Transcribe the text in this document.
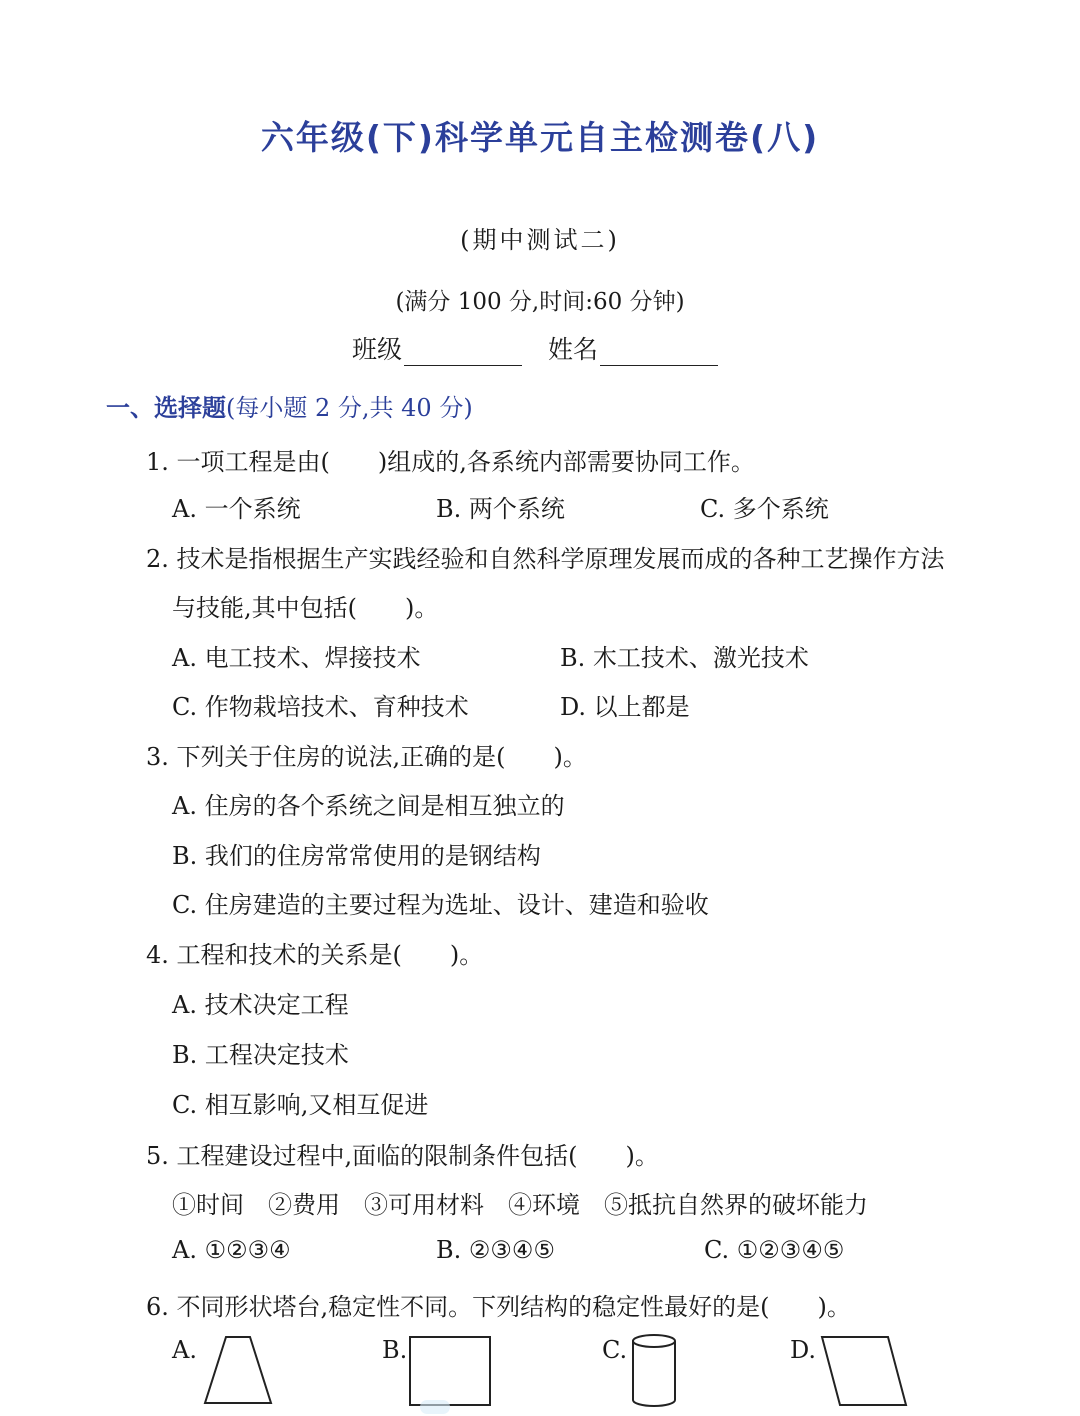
六年级(下)科学单元自主检测卷(八)
(期中测试二)
(满分 100 分,时间:60 分钟)
班级	姓名
一、选择题(每小题 2 分,共 40 分)
1. 一项工程是由(　　)组成的,各系统内部需要协同工作。
A. 一个系统	B. 两个系统	C. 多个系统
2. 技术是指根据生产实践经验和自然科学原理发展而成的各种工艺操作方法
与技能,其中包括(　　)。
A. 电工技术、焊接技术	B. 木工技术、激光技术
C. 作物栽培技术、育种技术	D. 以上都是
3. 下列关于住房的说法,正确的是(　　)。
A. 住房的各个系统之间是相互独立的
B. 我们的住房常常使用的是钢结构
C. 住房建造的主要过程为选址、设计、建造和验收
4. 工程和技术的关系是(　　)。
A. 技术决定工程
B. 工程决定技术
C. 相互影响,又相互促进
5. 工程建设过程中,面临的限制条件包括(　　)。
①时间　②费用　③可用材料　④环境　⑤抵抗自然界的破坏能力
A. ①②③④	B. ②③④⑤	C. ①②③④⑤
6. 不同形状塔台,稳定性不同。下列结构的稳定性最好的是(　　)。
A.	B.	C.	D.
